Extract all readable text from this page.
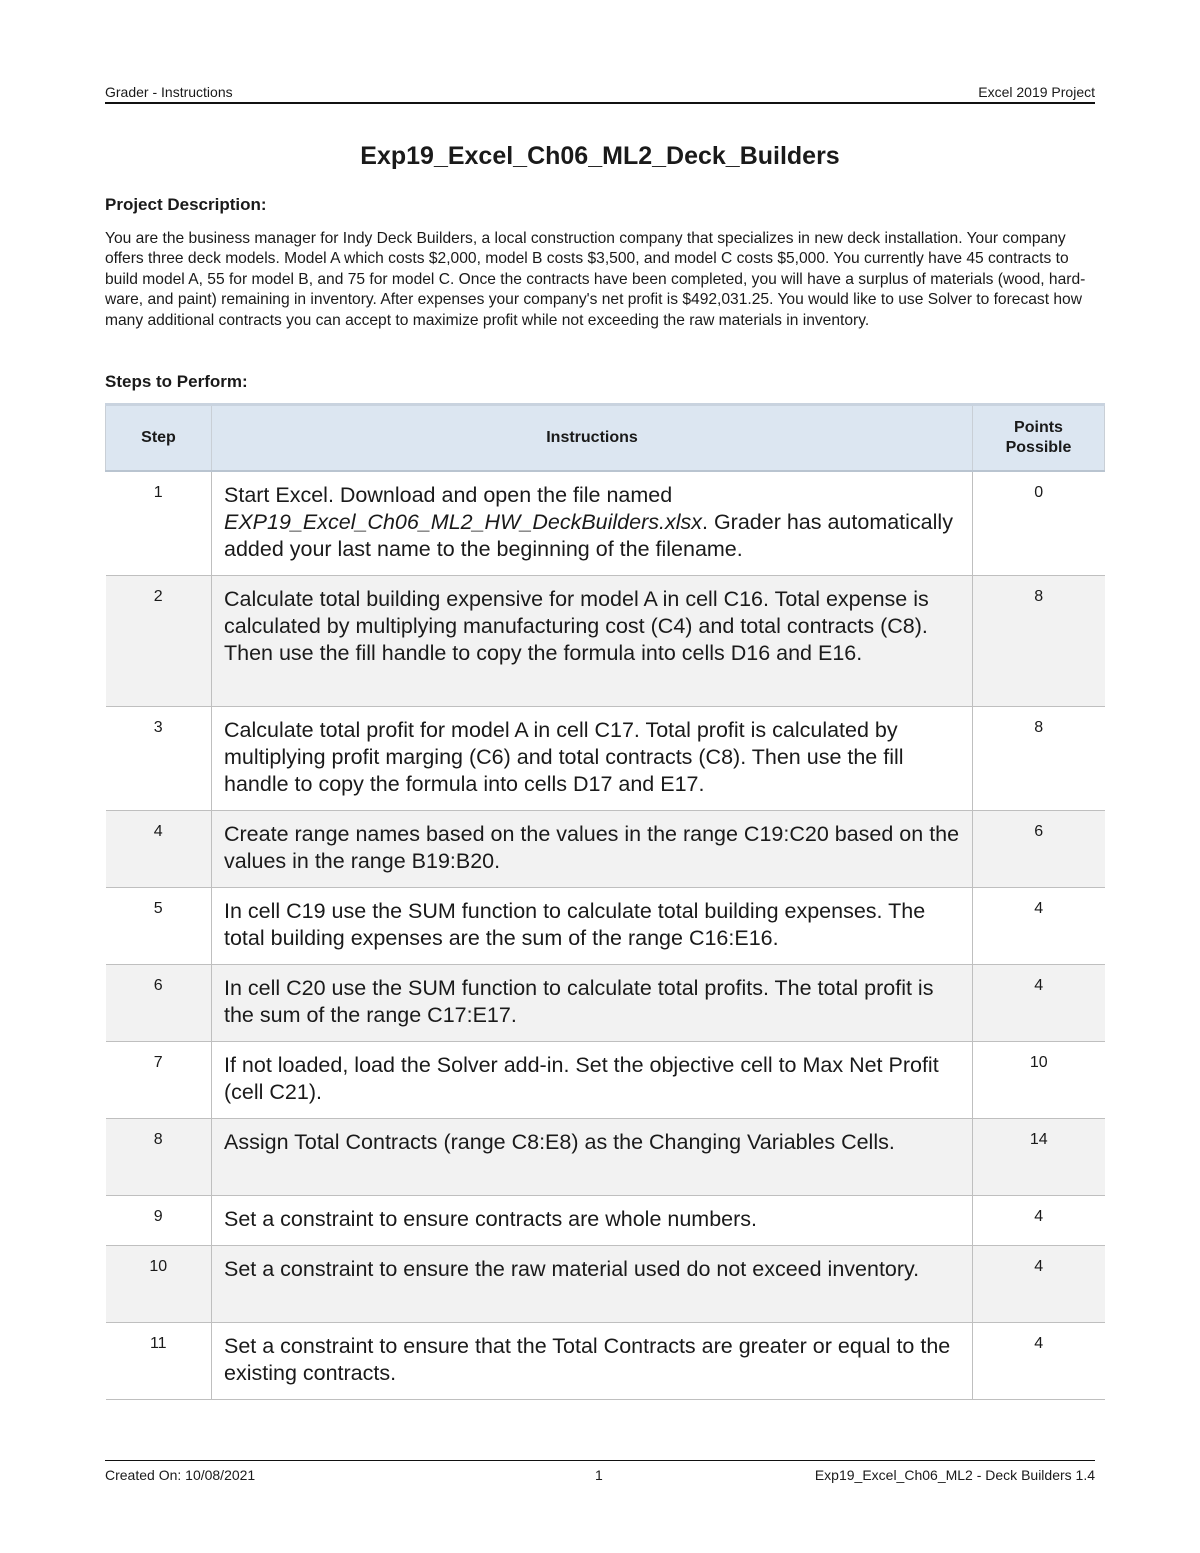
Grader - Instructions	Excel 2019 Project
Exp19_Excel_Ch06_ML2_Deck_Builders
Project Description:
You are the business manager for Indy Deck Builders, a local construction company that specializes in new deck installation. Your company offers three deck models. Model A which costs $2,000, model B costs $3,500, and model C costs $5,000. You currently have 45 contracts to build model A, 55 for model B, and 75 for model C. Once the contracts have been completed, you will have a surplus of materials (wood, hard-ware, and paint) remaining in inventory. After expenses your company's net profit is $492,031.25. You would like to use Solver to forecast how many additional contracts you can accept to maximize profit while not exceeding the raw materials in inventory.
Steps to Perform:
Step	Instructions	Points
Possible
1	Start Excel. Download and open the file named EXP19_Excel_Ch06_ML2_HW_DeckBuilders.xlsx. Grader has automatically added your last name to the beginning of the filename.	0
2	Calculate total building expensive for model A in cell C16. Total expense is calculated by multiplying manufacturing cost (C4) and total contracts (C8). Then use the fill handle to copy the formula into cells D16 and E16.	8
3	Calculate total profit for model A in cell C17. Total profit is calculated by multiplying profit marging (C6) and total contracts (C8). Then use the fill handle to copy the formula into cells D17 and E17.	8
4	Create range names based on the values in the range C19:C20 based on the values in the range B19:B20.	6
5	In cell C19 use the SUM function to calculate total building expenses. The total building expenses are the sum of the range C16:E16.	4
6	In cell C20 use the SUM function to calculate total profits. The total profit is the sum of the range C17:E17.	4
7	If not loaded, load the Solver add-in. Set the objective cell to Max Net Profit (cell C21).	10
8	Assign Total Contracts (range C8:E8) as the Changing Variables Cells.	14
9	Set a constraint to ensure contracts are whole numbers.	4
10	Set a constraint to ensure the raw material used do not exceed inventory.	4
11	Set a constraint to ensure that the Total Contracts are greater or equal to the existing contracts.	4
Created On: 10/08/2021	1	Exp19_Excel_Ch06_ML2 - Deck Builders 1.4
